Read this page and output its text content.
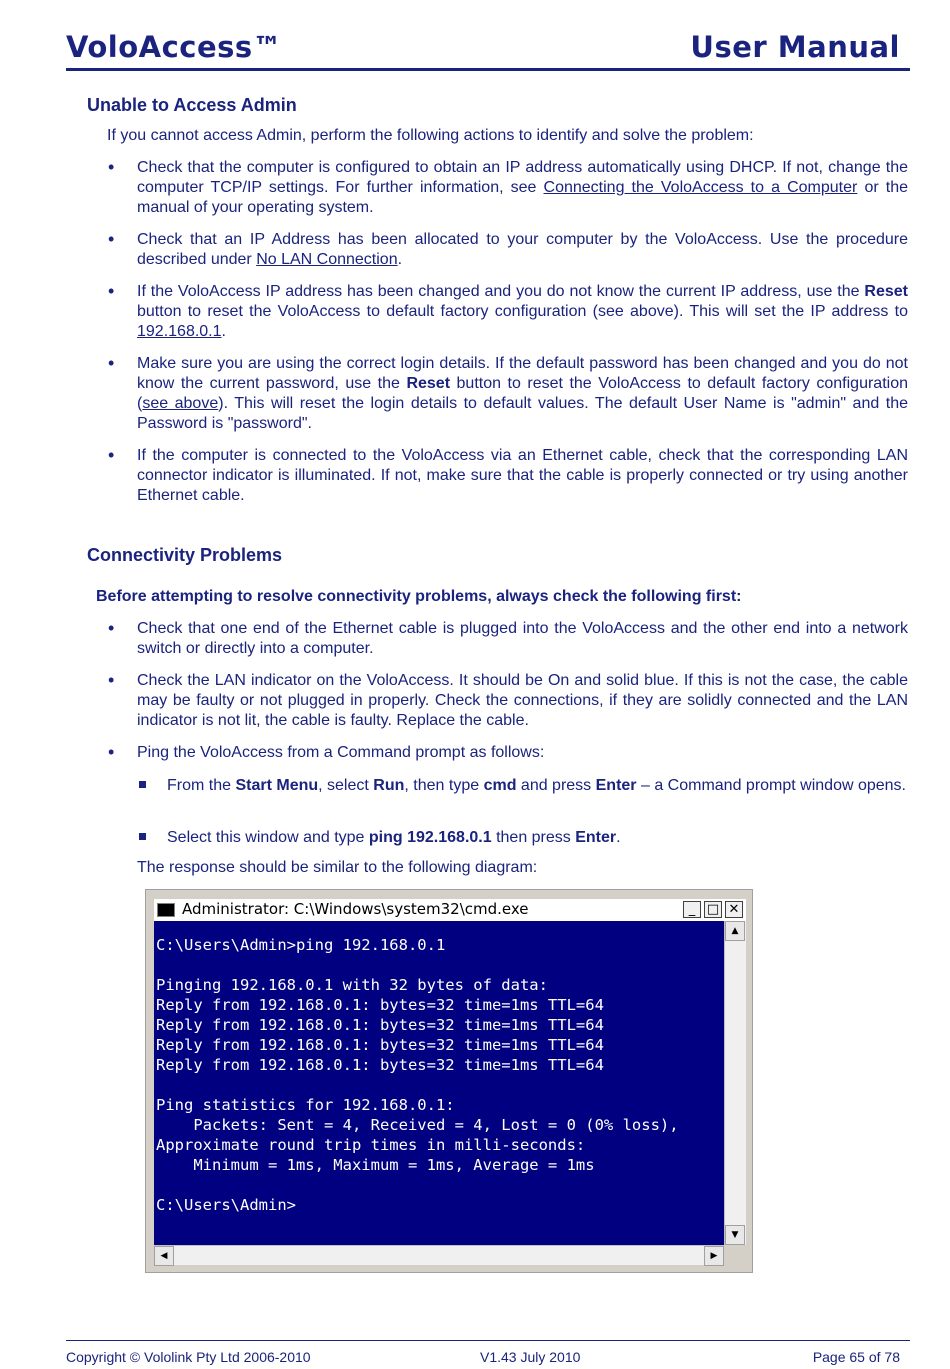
VoloAccess™	User Manual
Unable to Access Admin

If you cannot access Admin, perform the following actions to identify and solve the problem:

• Check that the computer is configured to obtain an IP address automatically using DHCP. If not, change the computer TCP/IP settings. For further information, see Connecting the VoloAccess to a Computer or the manual of your operating system.

• Check that an IP Address has been allocated to your computer by the VoloAccess. Use the procedure described under No LAN Connection.

• If the VoloAccess IP address has been changed and you do not know the current IP address, use the Reset button to reset the VoloAccess to default factory configuration (see above). This will set the IP address to 192.168.0.1.

• Make sure you are using the correct login details. If the default password has been changed and you do not know the current password, use the Reset button to reset the VoloAccess to default factory configuration (see above). This will reset the login details to default values. The default User Name is "admin" and the Password is "password".

• If the computer is connected to the VoloAccess via an Ethernet cable, check that the corresponding LAN connector indicator is illuminated. If not, make sure that the cable is properly connected or try using another Ethernet cable.

Connectivity Problems

Before attempting to resolve connectivity problems, always check the following first:

• Check that one end of the Ethernet cable is plugged into the VoloAccess and the other end into a network switch or directly into a computer.

• Check the LAN indicator on the VoloAccess. It should be On and solid blue. If this is not the case, the cable may be faulty or not plugged in properly. Check the connections, if they are solidly connected and the LAN indicator is not lit, the cable is faulty. Replace the cable.

• Ping the VoloAccess from a Command prompt as follows:

From the Start Menu, select Run, then type cmd and press Enter – a Command prompt window opens.

Select this window and type ping 192.168.0.1 then press Enter.

The response should be similar to the following diagram:

Administrator: C:\Windows\system32\cmd.exe	_ □ ✕
C:\Users\Admin>ping 192.168.0.1

Pinging 192.168.0.1 with 32 bytes of data:
Reply from 192.168.0.1: bytes=32 time=1ms TTL=64
Reply from 192.168.0.1: bytes=32 time=1ms TTL=64
Reply from 192.168.0.1: bytes=32 time=1ms TTL=64
Reply from 192.168.0.1: bytes=32 time=1ms TTL=64

Ping statistics for 192.168.0.1:
Packets: Sent = 4, Received = 4, Lost = 0 (0% loss),
Approximate round trip times in milli-seconds:
Minimum = 1ms, Maximum = 1ms, Average = 1ms

C:\Users\Admin>
▲
▼
◀	▶
Copyright © Vololink Pty Ltd 2006-2010	V1.43 July 2010	Page 65 of 78
